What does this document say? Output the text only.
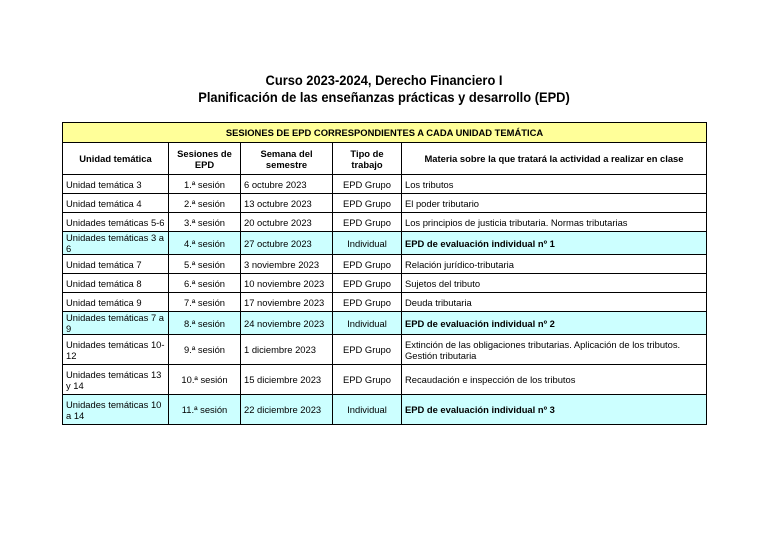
Curso 2023-2024, Derecho Financiero I
Planificación de las enseñanzas prácticas y desarrollo (EPD)
SESIONES DE EPD CORRESPONDIENTES A CADA UNIDAD TEMÁTICA				
Unidad temática	Sesiones de EPD	Semana del semestre	Tipo de trabajo	Materia sobre la que tratará la actividad a realizar en clase
Unidad temática 3	1.ª sesión	6 octubre 2023	EPD Grupo	Los tributos
Unidad temática 4	2.ª sesión	13 octubre 2023	EPD Grupo	El poder tributario
Unidades temáticas 5-6	3.ª sesión	20 octubre 2023	EPD Grupo	Los principios de justicia tributaria. Normas tributarias
Unidades temáticas 3 a 6	4.ª sesión	27 octubre 2023	Individual	EPD de evaluación individual nº 1
Unidad temática 7	5.ª sesión	3 noviembre 2023	EPD Grupo	Relación jurídico-tributaria
Unidad temática 8	6.ª sesión	10 noviembre 2023	EPD Grupo	Sujetos del tributo
Unidad temática 9	7.ª sesión	17 noviembre 2023	EPD Grupo	Deuda tributaria
Unidades temáticas 7 a 9	8.ª sesión	24 noviembre 2023	Individual	EPD de evaluación individual nº 2
Unidades temáticas 10-12	9.ª sesión	1 diciembre 2023	EPD Grupo	Extinción de las obligaciones tributarias. Aplicación de los tributos. Gestión tributaria
Unidades temáticas 13 y 14	10.ª sesión	15 diciembre 2023	EPD Grupo	Recaudación e inspección de los tributos
Unidades temáticas 10 a 14	11.ª sesión	22 diciembre 2023	Individual	EPD de evaluación individual nº 3
